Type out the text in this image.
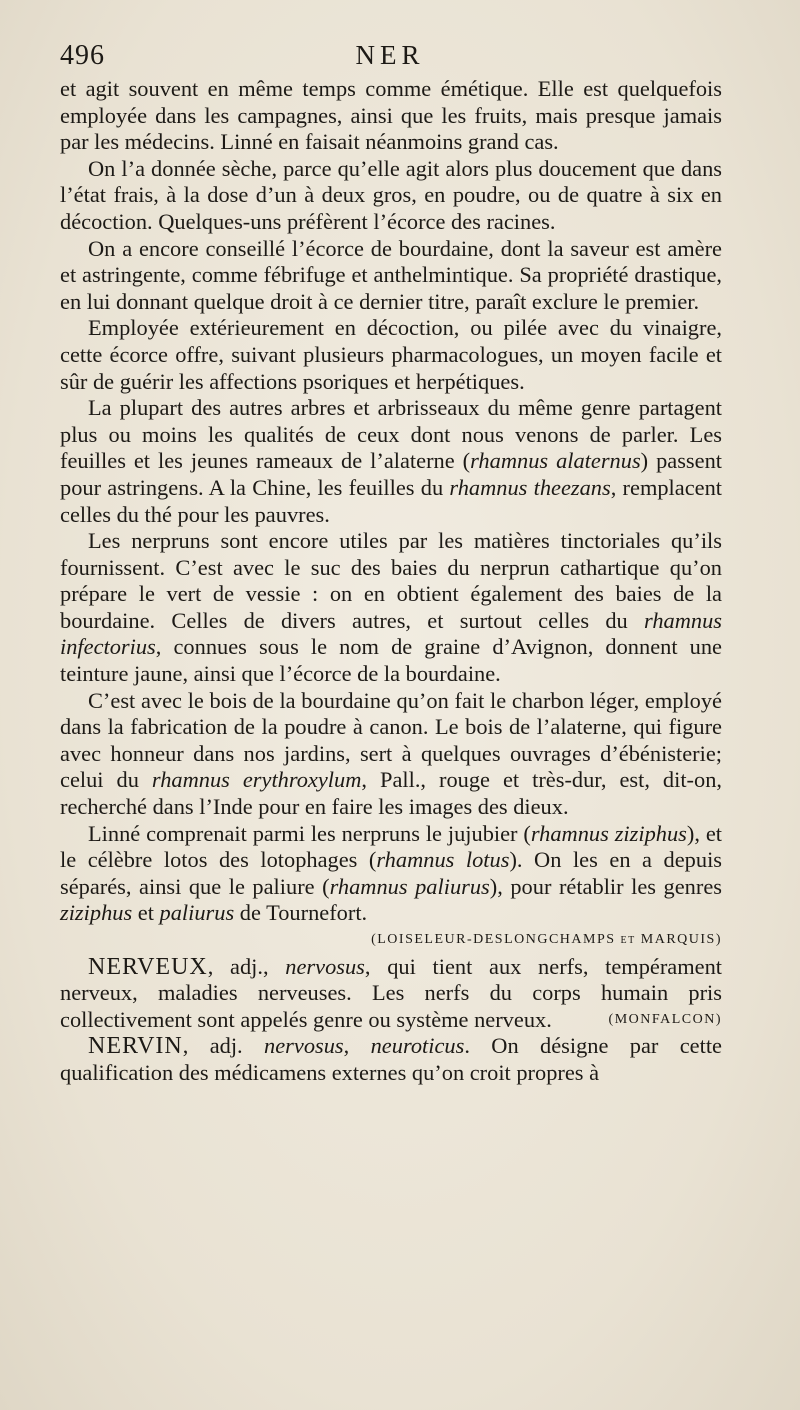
496	NER

et agit souvent en même temps comme émétique. Elle est quelquefois employée dans les campagnes, ainsi que les fruits, mais presque jamais par les médecins. Linné en faisait néanmoins grand cas.

On l’a donnée sèche, parce qu’elle agit alors plus doucement que dans l’état frais, à la dose d’un à deux gros, en poudre, ou de quatre à six en décoction. Quelques-uns préfèrent l’écorce des racines.

On a encore conseillé l’écorce de bourdaine, dont la saveur est amère et astringente, comme fébrifuge et anthelmintique. Sa propriété drastique, en lui donnant quelque droit à ce dernier titre, paraît exclure le premier.

Employée extérieurement en décoction, ou pilée avec du vinaigre, cette écorce offre, suivant plusieurs pharmacologues, un moyen facile et sûr de guérir les affections psoriques et herpétiques.

La plupart des autres arbres et arbrisseaux du même genre partagent plus ou moins les qualités de ceux dont nous venons de parler. Les feuilles et les jeunes rameaux de l’alaterne (rhamnus alaternus) passent pour astringens. A la Chine, les feuilles du rhamnus theezans, remplacent celles du thé pour les pauvres.

Les nerpruns sont encore utiles par les matières tinctoriales qu’ils fournissent. C’est avec le suc des baies du nerprun cathartique qu’on prépare le vert de vessie : on en obtient également des baies de la bourdaine. Celles de divers autres, et surtout celles du rhamnus infectorius, connues sous le nom de graine d’Avignon, donnent une teinture jaune, ainsi que l’écorce de la bourdaine.

C’est avec le bois de la bourdaine qu’on fait le charbon léger, employé dans la fabrication de la poudre à canon. Le bois de l’alaterne, qui figure avec honneur dans nos jardins, sert à quelques ouvrages d’ébénisterie; celui du rhamnus erythroxylum, Pall., rouge et très-dur, est, dit-on, recherché dans l’Inde pour en faire les images des dieux.

Linné comprenait parmi les nerpruns le jujubier (rhamnus ziziphus), et le célèbre lotos des lotophages (rhamnus lotus). On les en a depuis séparés, ainsi que le paliure (rhamnus paliurus), pour rétablir les genres ziziphus et paliurus de Tournefort.

(LOISELEUR-DESLONGCHAMPS et MARQUIS)

NERVEUX, adj., nervosus, qui tient aux nerfs, tempérament nerveux, maladies nerveuses. Les nerfs du corps humain pris collectivement sont appelés genre ou système nerveux.	(MONFALCON)

NERVIN, adj. nervosus, neuroticus. On désigne par cette qualification des médicamens externes qu’on croit propres à
